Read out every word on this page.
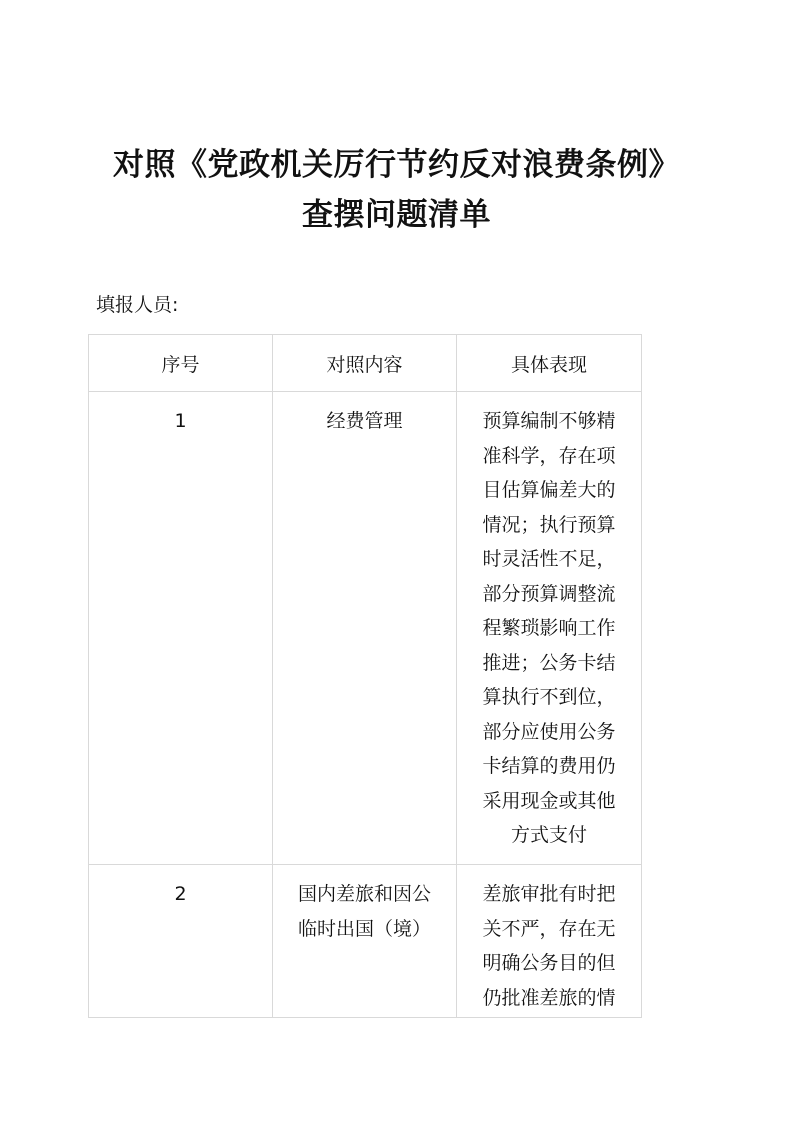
对照《党政机关厉行节约反对浪费条例》
查摆问题清单
填报人员:
序号	对照内容	具体表现

1	经费管理	预算编制不够精准科学，存在项目估算偏差大的情况；执行预算时灵活性不足，部分预算调整流程繁琐影响工作推进；公务卡结算执行不到位，部分应使用公务卡结算的费用仍采用现金或其他方式支付

2	国内差旅和因公临时出国（境）	差旅审批有时把关不严，存在无明确公务目的但仍批准差旅的情
